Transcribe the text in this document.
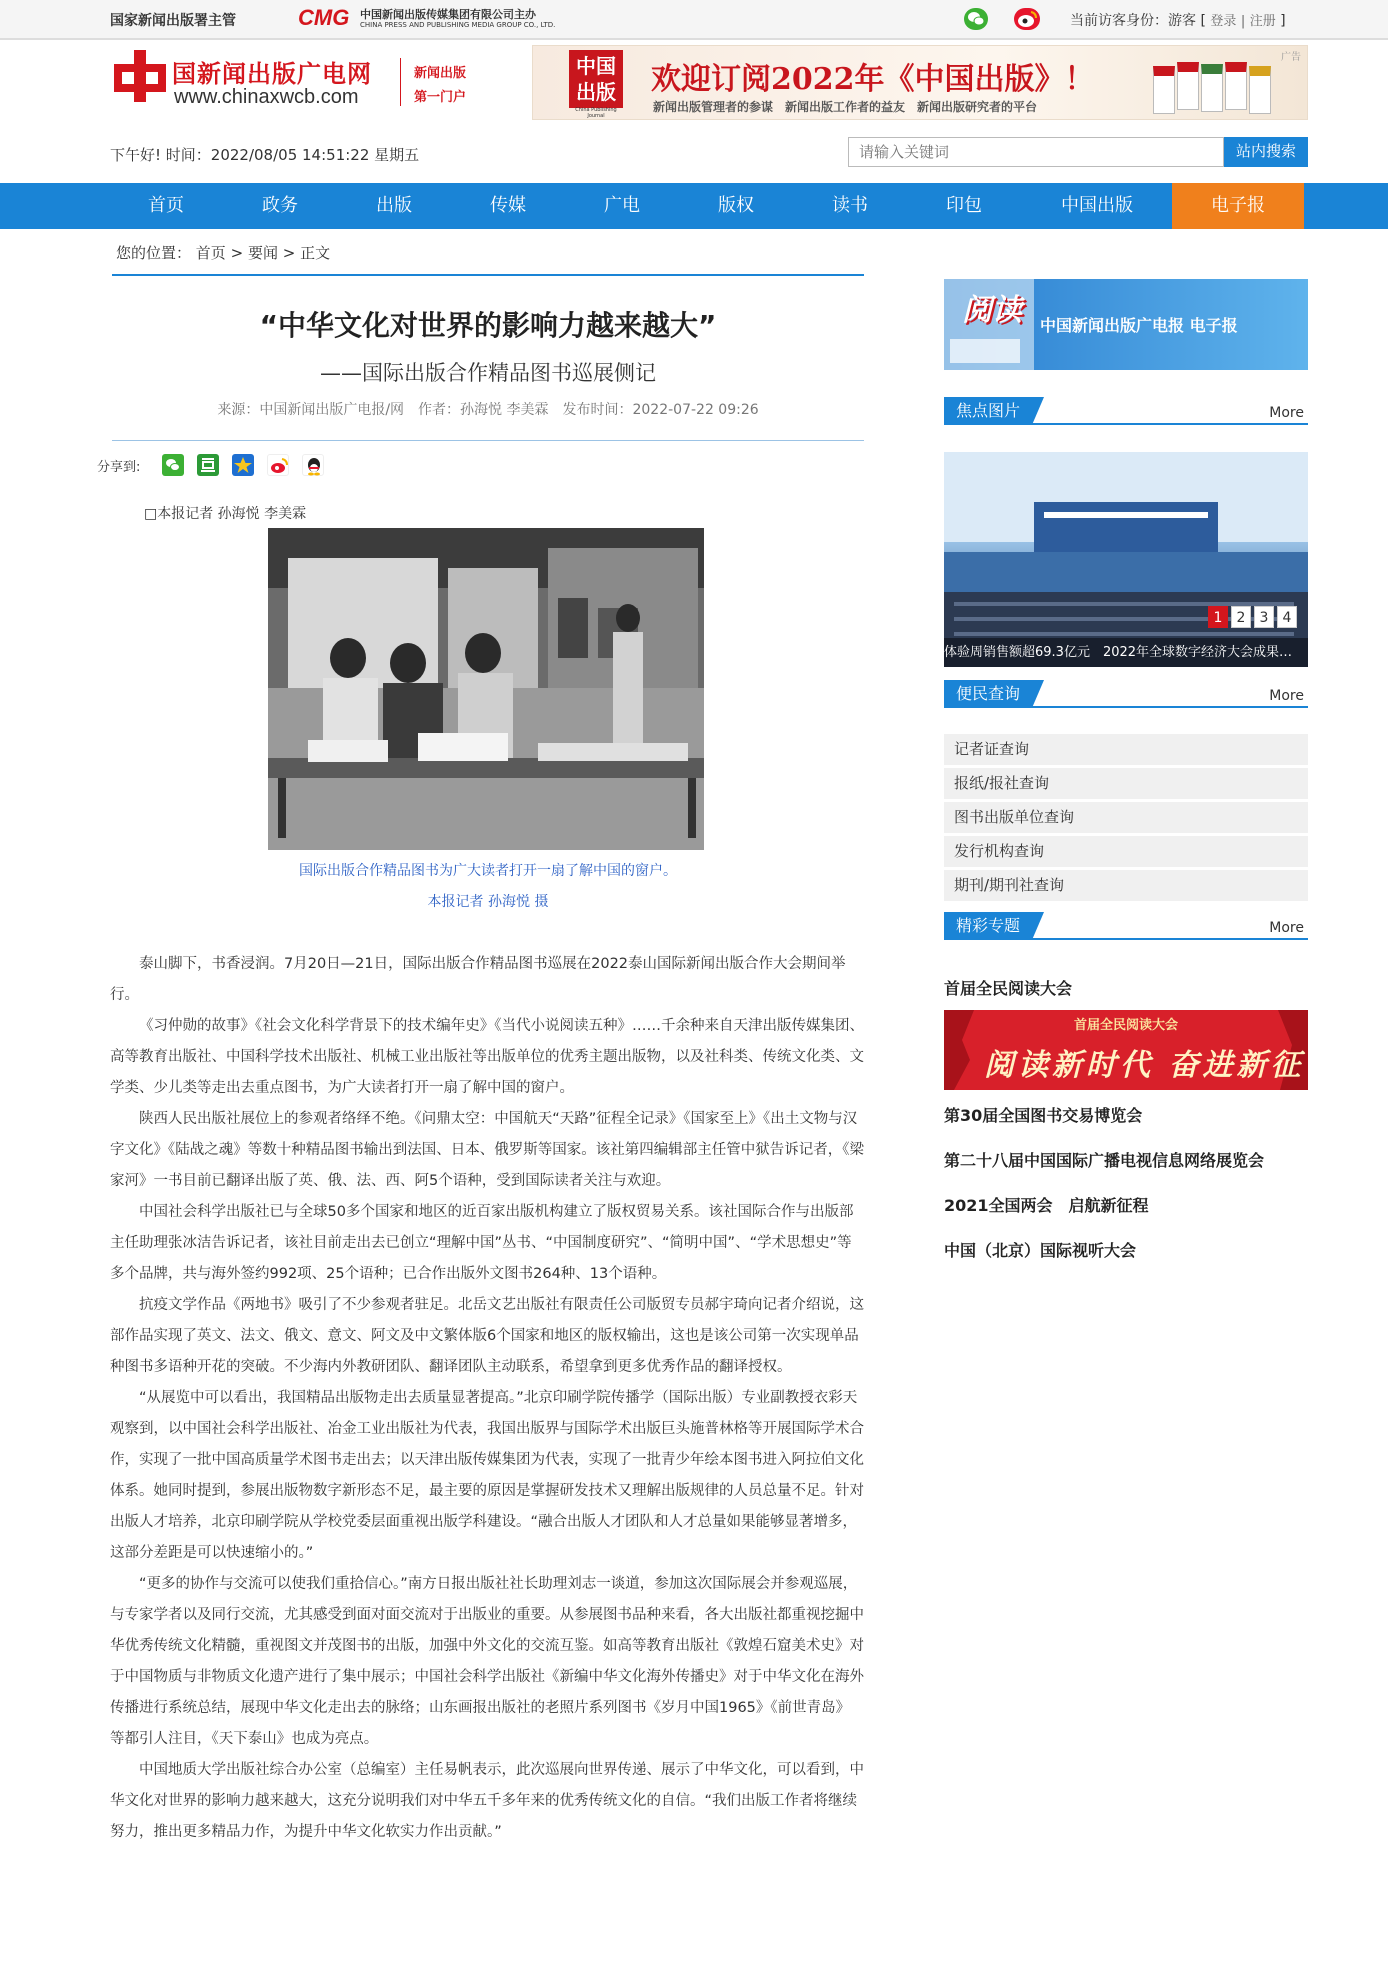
国家新闻出版署主管	CMG 中国新闻出版传媒集团有限公司主办
CHINA PRESS AND PUBLISHING MEDIA GROUP CO., LTD.	当前访客身份：游客 [ 登录 | 注册 ]
国新闻出版广电网
www.chinaxwcb.com
新闻出版
第一门户
中国出版
China Publishing Journal
欢迎订阅2022年《中国出版》！
新闻出版管理者的参谋　新闻出版工作者的益友　新闻出版研究者的平台
广告
下午好! 时间：2022/08/05 14:51:22 星期五
请输入关键词	站内搜索
首页	政务	出版	传媒	广电	版权	读书	印包	中国出版	电子报
您的位置： 首页 > 要闻 > 正文
“中华文化对世界的影响力越来越大”
——国际出版合作精品图书巡展侧记
来源：中国新闻出版广电报/网　作者：孙海悦 李美霖　发布时间：2022-07-22 09:26
分享到:
□本报记者 孙海悦 李美霖
国际出版合作精品图书为广大读者打开一扇了解中国的窗户。
本报记者 孙海悦 摄

泰山脚下，书香浸润。7月20日—21日，国际出版合作精品图书巡展在2022泰山国际新闻出版合作大会期间举行。

《习仲勋的故事》《社会文化科学背景下的技术编年史》《当代小说阅读五种》……千余种来自天津出版传媒集团、高等教育出版社、中国科学技术出版社、机械工业出版社等出版单位的优秀主题出版物，以及社科类、传统文化类、文学类、少儿类等走出去重点图书，为广大读者打开一扇了解中国的窗户。

陕西人民出版社展位上的参观者络绎不绝。《问鼎太空：中国航天“天路”征程全记录》《国家至上》《出土文物与汉字文化》《陆战之魂》等数十种精品图书输出到法国、日本、俄罗斯等国家。该社第四编辑部主任管中狱告诉记者，《梁家河》一书目前已翻译出版了英、俄、法、西、阿5个语种，受到国际读者关注与欢迎。

中国社会科学出版社已与全球50多个国家和地区的近百家出版机构建立了版权贸易关系。该社国际合作与出版部主任助理张冰洁告诉记者，该社目前走出去已创立“理解中国”丛书、“中国制度研究”、“简明中国”、“学术思想史”等多个品牌，共与海外签约992项、25个语种；已合作出版外文图书264种、13个语种。

抗疫文学作品《两地书》吸引了不少参观者驻足。北岳文艺出版社有限责任公司版贸专员郝宇琦向记者介绍说，这部作品实现了英文、法文、俄文、意文、阿文及中文繁体版6个国家和地区的版权输出，这也是该公司第一次实现单品种图书多语种开花的突破。不少海内外教研团队、翻译团队主动联系，希望拿到更多优秀作品的翻译授权。

“从展览中可以看出，我国精品出版物走出去质量显著提高。”北京印刷学院传播学（国际出版）专业副教授衣彩天观察到，以中国社会科学出版社、冶金工业出版社为代表，我国出版界与国际学术出版巨头施普林格等开展国际学术合作，实现了一批中国高质量学术图书走出去；以天津出版传媒集团为代表，实现了一批青少年绘本图书进入阿拉伯文化体系。她同时提到，参展出版物数字新形态不足，最主要的原因是掌握研发技术又理解出版规律的人员总量不足。针对出版人才培养，北京印刷学院从学校党委层面重视出版学科建设。“融合出版人才团队和人才总量如果能够显著增多，这部分差距是可以快速缩小的。”

“更多的协作与交流可以使我们重拾信心。”南方日报出版社社长助理刘志一谈道，参加这次国际展会并参观巡展，与专家学者以及同行交流，尤其感受到面对面交流对于出版业的重要。从参展图书品种来看，各大出版社都重视挖掘中华优秀传统文化精髓，重视图文并茂图书的出版，加强中外文化的交流互鉴。如高等教育出版社《敦煌石窟美术史》对于中国物质与非物质文化遗产进行了集中展示；中国社会科学出版社《新编中华文化海外传播史》对于中华文化在海外传播进行系统总结，展现中华文化走出去的脉络；山东画报出版社的老照片系列图书《岁月中国1965》《前世青岛》等都引人注目，《天下泰山》也成为亮点。

中国地质大学出版社综合办公室（总编室）主任易帆表示，此次巡展向世界传递、展示了中华文化，可以看到，中华文化对世界的影响力越来越大，这充分说明我们对中华五千多年来的优秀传统文化的自信。“我们出版工作者将继续努力，推出更多精品力作，为提升中华文化软实力作出贡献。”

阅读 中国新闻出版广电报 电子报
焦点图片	More
1 2 3 4
体验周销售额超69.3亿元　2022年全球数字经济大会成果…
便民查询	More
记者证查询
报纸/报社查询
图书出版单位查询
发行机构查询
期刊/期刊社查询
精彩专题	More
首届全民阅读大会
首届全民阅读大会
阅读新时代 奋进新征
第30届全国图书交易博览会
第二十八届中国国际广播电视信息网络展览会
2021全国两会　启航新征程
中国（北京）国际视听大会
